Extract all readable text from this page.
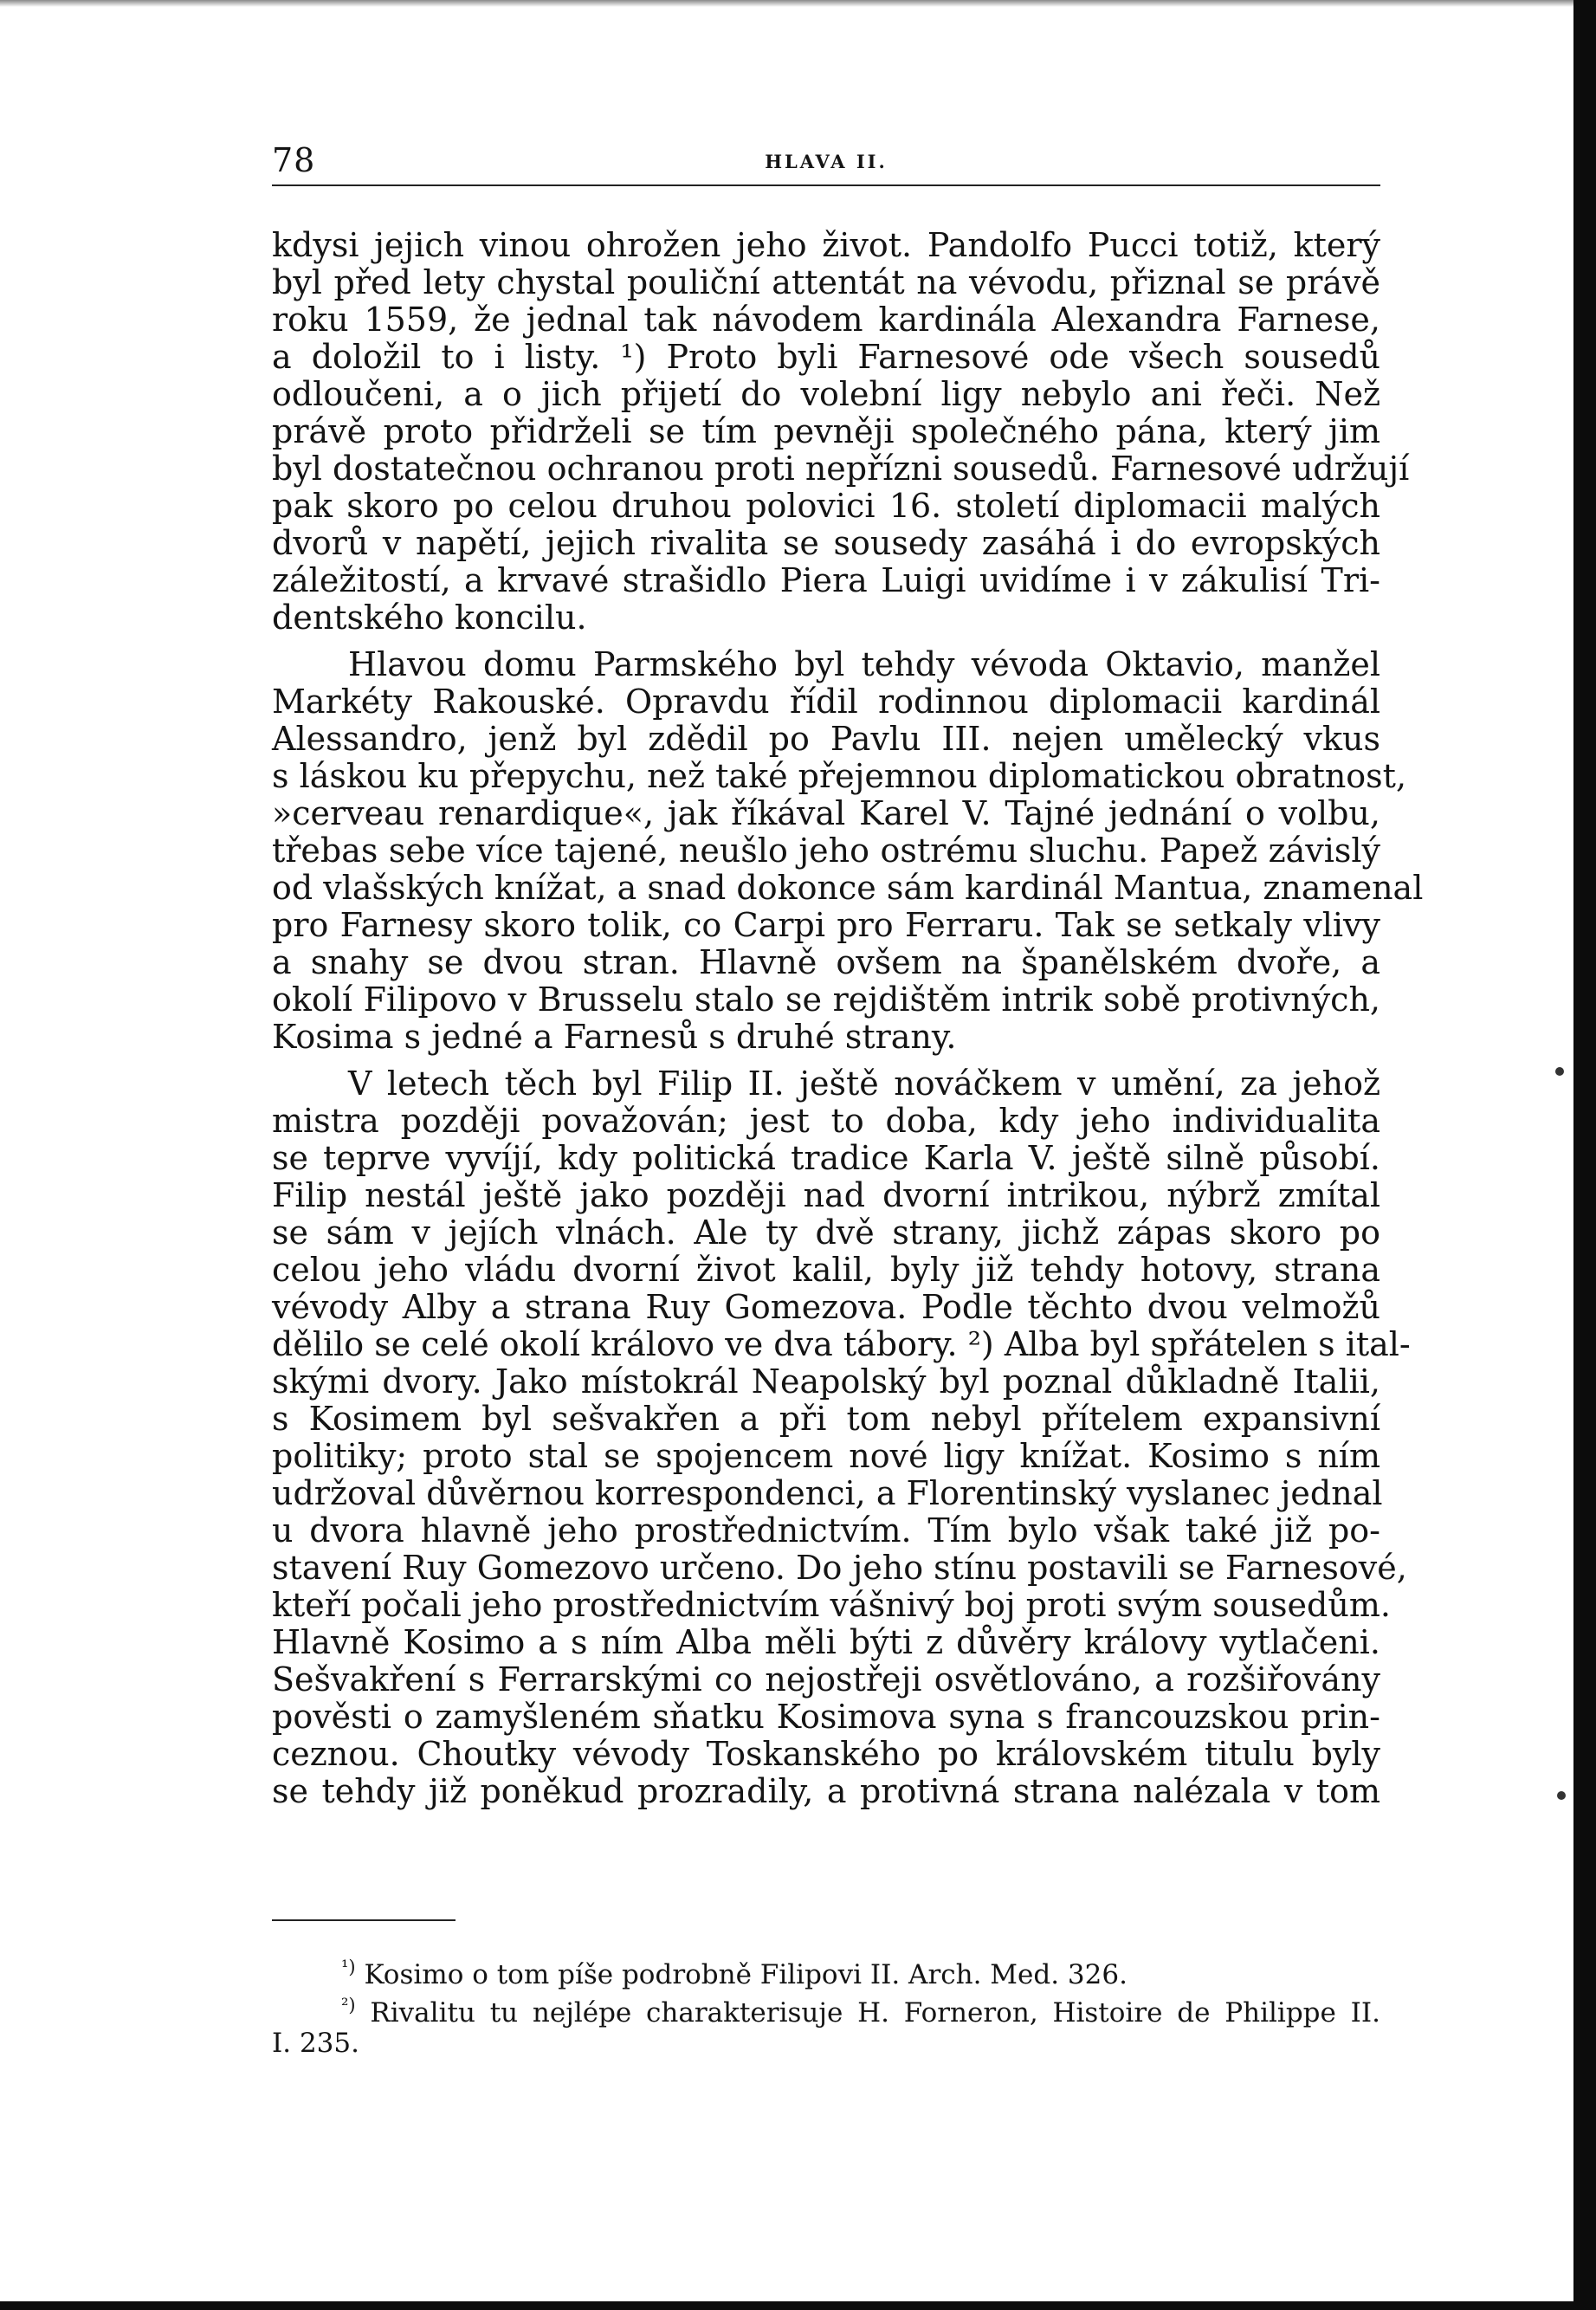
78	HLAVA II.

kdysi jejich vinou ohrožen jeho život. Pandolfo Pucci totiž, který
byl před lety chystal pouliční attentát na vévodu, přiznal se právě
roku 1559, že jednal tak návodem kardinála Alexandra Farnese,
a doložil to i listy. ¹) Proto byli Farnesové ode všech sousedů
odloučeni, a o jich přijetí do volební ligy nebylo ani řeči. Než
právě proto přidrželi se tím pevněji společného pána, který jim
byl dostatečnou ochranou proti nepřízni sousedů. Farnesové udržují
pak skoro po celou druhou polovici 16. století diplomacii malých
dvorů v napětí, jejich rivalita se sousedy zasáhá i do evropských
záležitostí, a krvavé strašidlo Piera Luigi uvidíme i v zákulisí Tri-
dentského koncilu.

Hlavou domu Parmského byl tehdy vévoda Oktavio, manžel
Markéty Rakouské. Opravdu řídil rodinnou diplomacii kardinál
Alessandro, jenž byl zdědil po Pavlu III. nejen umělecký vkus
s láskou ku přepychu, než také přejemnou diplomatickou obratnost,
»cerveau renardique«, jak říkával Karel V. Tajné jednání o volbu,
třebas sebe více tajené, neušlo jeho ostrému sluchu. Papež závislý
od vlašských knížat, a snad dokonce sám kardinál Mantua, znamenal
pro Farnesy skoro tolik, co Carpi pro Ferraru. Tak se setkaly vlivy
a snahy se dvou stran. Hlavně ovšem na španělském dvoře, a
okolí Filipovo v Brusselu stalo se rejdištěm intrik sobě protivných,
Kosima s jedné a Farnesů s druhé strany.

V letech těch byl Filip II. ještě nováčkem v umění, za jehož
mistra později považován; jest to doba, kdy jeho individualita
se teprve vyvíjí, kdy politická tradice Karla V. ještě silně působí.
Filip nestál ještě jako později nad dvorní intrikou, nýbrž zmítal
se sám v jejích vlnách. Ale ty dvě strany, jichž zápas skoro po
celou jeho vládu dvorní život kalil, byly již tehdy hotovy, strana
vévody Alby a strana Ruy Gomezova. Podle těchto dvou velmožů
dělilo se celé okolí královo ve dva tábory. ²) Alba byl spřátelen s ital-
skými dvory. Jako místokrál Neapolský byl poznal důkladně Italii,
s Kosimem byl sešvakřen a při tom nebyl přítelem expansivní
politiky; proto stal se spojencem nové ligy knížat. Kosimo s ním
udržoval důvěrnou korrespondenci, a Florentinský vyslanec jednal
u dvora hlavně jeho prostřednictvím. Tím bylo však také již po-
stavení Ruy Gomezovo určeno. Do jeho stínu postavili se Farnesové,
kteří počali jeho prostřednictvím vášnivý boj proti svým sousedům.
Hlavně Kosimo a s ním Alba měli býti z důvěry královy vytlačeni.
Sešvakření s Ferrarskými co nejostřeji osvětlováno, a rozšiřovány
pověsti o zamyšleném sňatku Kosimova syna s francouzskou prin-
ceznou. Choutky vévody Toskanského po královském titulu byly
se tehdy již poněkud prozradily, a protivná strana nalézala v tom

$^{^1)}$ Kosimo o tom píše podrobně Filipovi II. Arch. Med. 326.
$^{^2)}$ Rivalitu tu nejlépe charakterisuje H. Forneron, Histoire de Philippe II.
I. 235.
